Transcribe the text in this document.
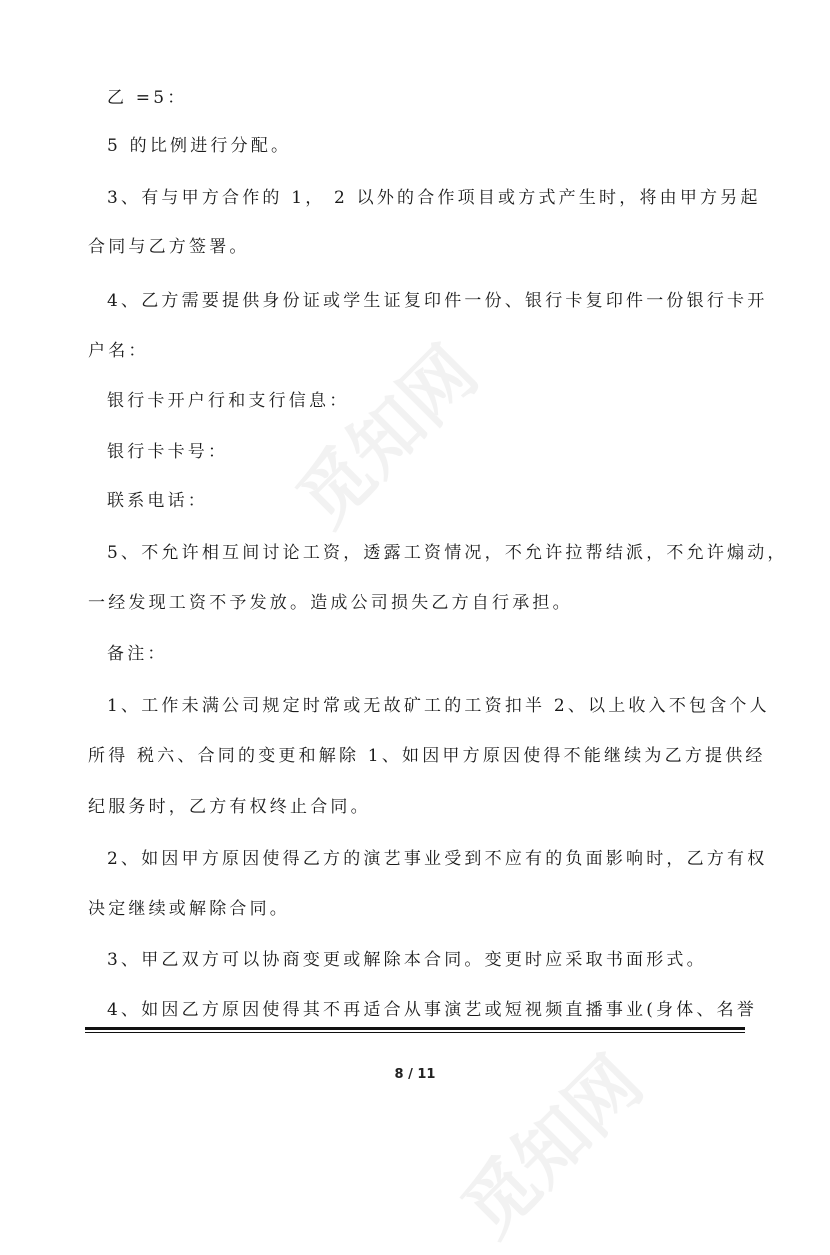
觅知网
觅知网
乙 =5：
5 的比例进行分配。
3、有与甲方合作的 1， 2 以外的合作项目或方式产生时，将由甲方另起
合同与乙方签署。
4、乙方需要提供身份证或学生证复印件一份、银行卡复印件一份银行卡开
户名：
银行卡开户行和支行信息：
银行卡卡号：
联系电话：
5、不允许相互间讨论工资，透露工资情况，不允许拉帮结派，不允许煽动，
一经发现工资不予发放。造成公司损失乙方自行承担。
备注：
1、工作未满公司规定时常或无故矿工的工资扣半 2、以上收入不包含个人
所得 税六、合同的变更和解除 1、如因甲方原因使得不能继续为乙方提供经
纪服务时，乙方有权终止合同。
2、如因甲方原因使得乙方的演艺事业受到不应有的负面影响时，乙方有权
决定继续或解除合同。
3、甲乙双方可以协商变更或解除本合同。变更时应采取书面形式。
4、如因乙方原因使得其不再适合从事演艺或短视频直播事业(身体、名誉
8 / 11
